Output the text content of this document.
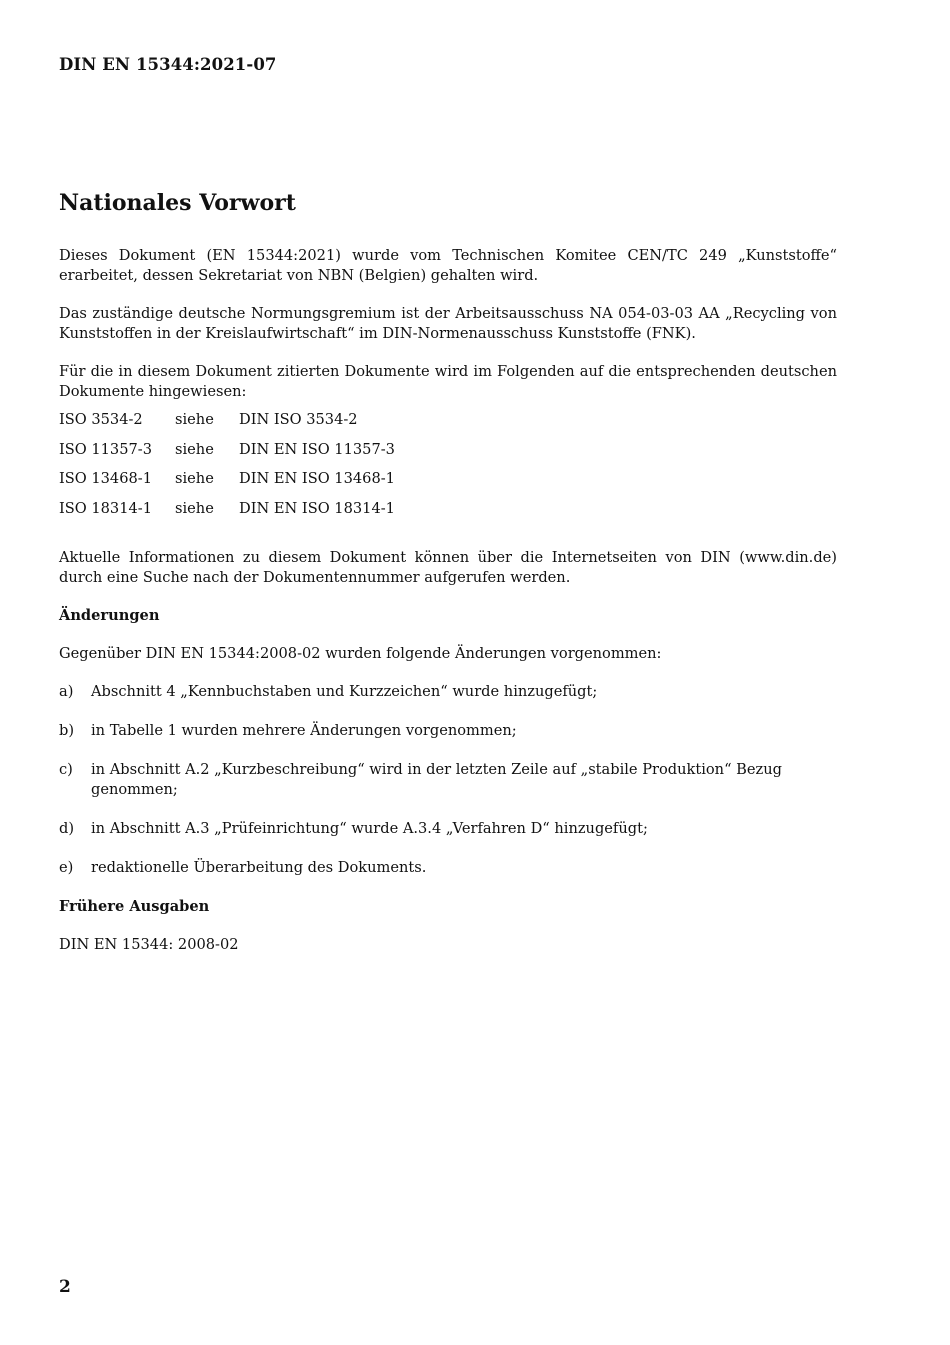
DIN EN 15344:2021-07
Nationales Vorwort

Dieses Dokument (EN 15344:2021) wurde vom Technischen Komitee CEN/TC 249 „Kunststoffe“ erarbeitet, dessen Sekretariat von NBN (Belgien) gehalten wird.

Das zuständige deutsche Normungsgremium ist der Arbeitsausschuss NA 054-03-03 AA „Recycling von Kunststoffen in der Kreislaufwirtschaft“ im DIN-Normenausschuss Kunststoffe (FNK).

Für die in diesem Dokument zitierten Dokumente wird im Folgenden auf die entsprechenden deutschen Dokumente hingewiesen:

ISO 3534-2	siehe	DIN ISO 3534-2
ISO 11357-3	siehe	DIN EN ISO 11357-3
ISO 13468-1	siehe	DIN EN ISO 13468-1
ISO 18314-1	siehe	DIN EN ISO 18314-1

Aktuelle Informationen zu diesem Dokument können über die Internetseiten von DIN (www.din.de) durch eine Suche nach der Dokumentennummer aufgerufen werden.

Änderungen

Gegenüber DIN EN 15344:2008-02 wurden folgende Änderungen vorgenommen:

a)	Abschnitt 4 „Kennbuchstaben und Kurzzeichen“ wurde hinzugefügt;
b)	in Tabelle 1 wurden mehrere Änderungen vorgenommen;
c)	in Abschnitt A.2 „Kurzbeschreibung“ wird in der letzten Zeile auf „stabile Produktion“ Bezug genommen;
d)	in Abschnitt A.3 „Prüfeinrichtung“ wurde A.3.4 „Verfahren D“ hinzugefügt;
e)	redaktionelle Überarbeitung des Dokuments.
Frühere Ausgaben

DIN EN 15344: 2008-02

2
